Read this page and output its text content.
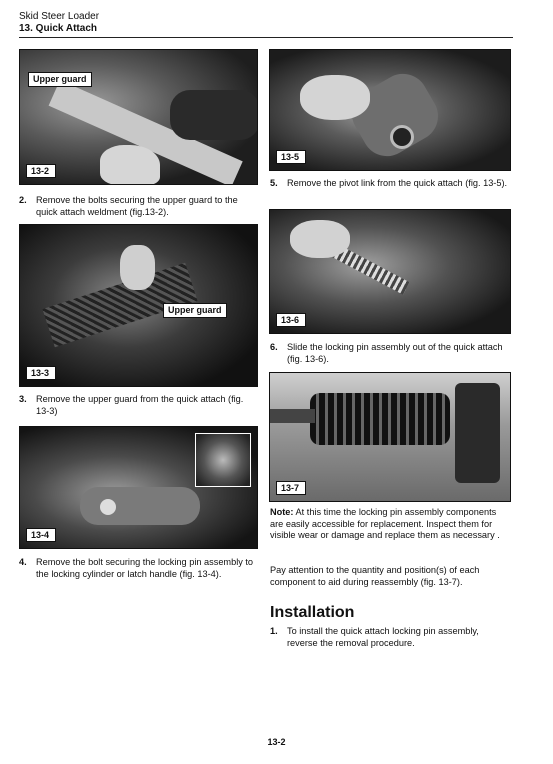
Skid Steer Loader
13. Quick Attach
Upper guard
13-2
2.	Remove the bolts securing the upper guard to the quick attach weldment (fig.13-2).
Upper guard
13-3
3.	Remove the upper guard from the quick attach (fig. 13-3)
13-4
4.	Remove the bolt securing the locking pin assembly to the locking cylinder or latch handle (fig. 13-4).
13-5
5.	Remove the pivot link from the quick attach (fig. 13-5).
13-6
6.	Slide the locking pin assembly out of the quick attach (fig. 13-6).
13-7
Note: At this time the locking pin assembly components are easily accessible for replacement. Inspect them for visible wear or damage and replace them as necessary .
Pay attention to the quantity and position(s) of each component to aid during reassembly (fig. 13-7).
Installation
1.	To install the quick attach locking pin assembly, reverse the removal procedure.
13-2
